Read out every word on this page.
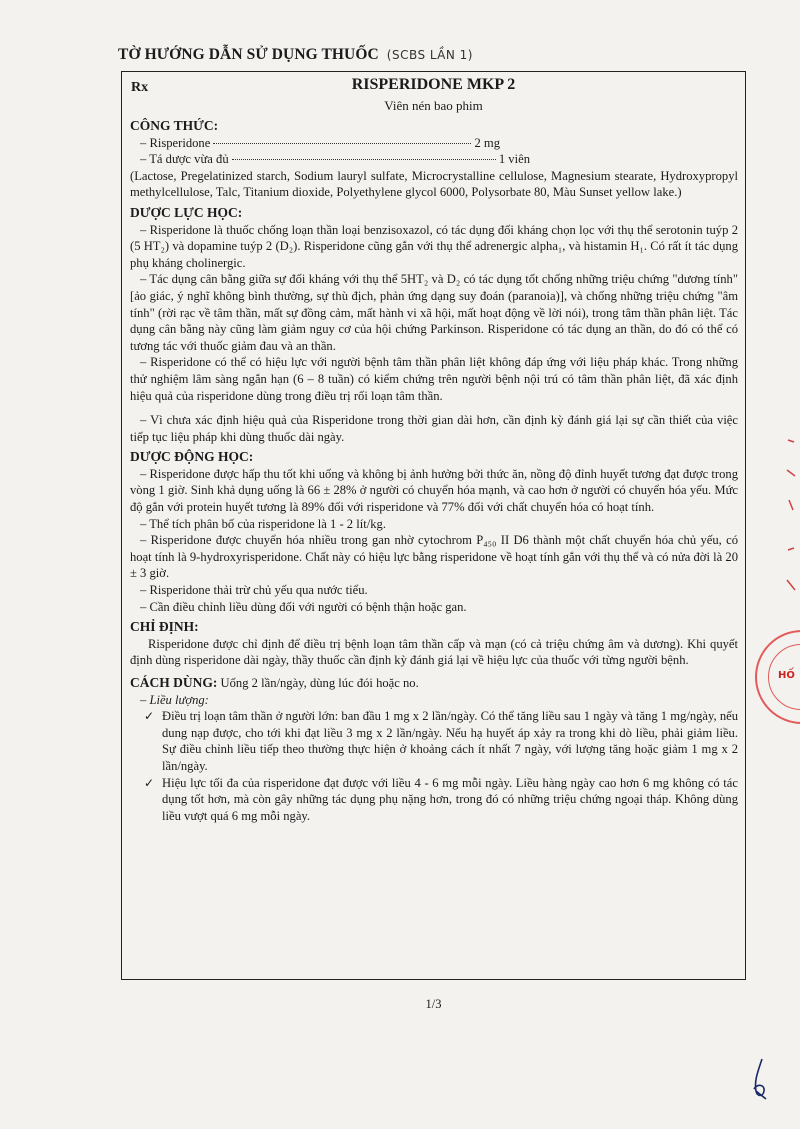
TỜ HƯỚNG DẪN SỬ DỤNG THUỐC (SCBS LẦN 1)
Rx	RISPERIDONE MKP 2
Viên nén bao phim
CÔNG THỨC:
– Risperidone	2 mg
– Tá dược vừa đủ	1 viên

(Lactose, Pregelatinized starch, Sodium lauryl sulfate, Microcrystalline cellulose, Magnesium stearate, Hydroxypropyl methylcellulose, Talc, Titanium dioxide, Polyethylene glycol 6000, Polysorbate 80, Màu Sunset yellow lake.)

DƯỢC LỰC HỌC:

– Risperidone là thuốc chống loạn thần loại benzisoxazol, có tác dụng đối kháng chọn lọc với thụ thể serotonin tuýp 2 (5 HT₂) và dopamine tuýp 2 (D₂). Risperidone cũng gắn với thụ thể adrenergic alpha₁, và histamin H₁. Có rất ít tác dụng phụ kháng cholinergic.

– Tác dụng cân bằng giữa sự đối kháng với thụ thể 5HT₂ và D₂ có tác dụng tốt chống những triệu chứng "dương tính" [ảo giác, ý nghĩ không bình thường, sự thù địch, phản ứng dạng suy đoán (paranoia)], và chống những triệu chứng "âm tính" (rời rạc về tâm thần, mất sự đồng cảm, mất hành vi xã hội, mất hoạt động về lời nói), trong tâm thần phân liệt. Tác dụng cân bằng này cũng làm giảm nguy cơ của hội chứng Parkinson. Risperidone có tác dụng an thần, do đó có thể có tương tác với thuốc giảm đau và an thần.

– Risperidone có thể có hiệu lực với người bệnh tâm thần phân liệt không đáp ứng với liệu pháp khác. Trong những thử nghiệm lâm sàng ngắn hạn (6 – 8 tuần) có kiểm chứng trên người bệnh nội trú có tâm thần phân liệt, đã xác định hiệu quả của risperidone dùng trong điều trị rối loạn tâm thần.

– Vì chưa xác định hiệu quả của Risperidone trong thời gian dài hơn, cần định kỳ đánh giá lại sự cần thiết của việc tiếp tục liệu pháp khi dùng thuốc dài ngày.

DƯỢC ĐỘNG HỌC:

– Risperidone được hấp thu tốt khi uống và không bị ảnh hưởng bởi thức ăn, nồng độ đỉnh huyết tương đạt được trong vòng 1 giờ. Sinh khả dụng uống là 66 ± 28% ở người có chuyển hóa mạnh, và cao hơn ở người có chuyển hóa yếu. Mức độ gắn với protein huyết tương là 89% đối với risperidone và 77% đối với chất chuyển hóa có hoạt tính.

– Thể tích phân bố của risperidone là 1 - 2 lít/kg.

– Risperidone được chuyển hóa nhiều trong gan nhờ cytochrom P₄₅₀ II D6 thành một chất chuyển hóa chủ yếu, có hoạt tính là 9-hydroxyrisperidone. Chất này có hiệu lực bằng risperidone về hoạt tính gắn với thụ thể và có nửa đời là 20 ± 3 giờ.

– Risperidone thải trừ chủ yếu qua nước tiểu.

– Cần điều chỉnh liều dùng đối với người có bệnh thận hoặc gan.

CHỈ ĐỊNH:

Risperidone được chỉ định để điều trị bệnh loạn tâm thần cấp và mạn (có cả triệu chứng âm và dương). Khi quyết định dùng risperidone dài ngày, thầy thuốc cần định kỳ đánh giá lại về hiệu lực của thuốc với từng người bệnh.

CÁCH DÙNG: Uống 2 lần/ngày, dùng lúc đói hoặc no.
– Liều lượng:
✓ Điều trị loạn tâm thần ở người lớn: ban đầu 1 mg x 2 lần/ngày. Có thể tăng liều sau 1 ngày và tăng 1 mg/ngày, nếu dung nạp được, cho tới khi đạt liều 3 mg x 2 lần/ngày. Nếu hạ huyết áp xảy ra trong khi dò liều, phải giảm liều. Sự điều chỉnh liều tiếp theo thường thực hiện ở khoảng cách ít nhất 7 ngày, với lượng tăng hoặc giảm 1 mg x 2 lần/ngày.
✓ Hiệu lực tối đa của risperidone đạt được với liều 4 - 6 mg mỗi ngày. Liều hàng ngày cao hơn 6 mg không có tác dụng tốt hơn, mà còn gây những tác dụng phụ nặng hơn, trong đó có những triệu chứng ngoại tháp. Không dùng liều vượt quá 6 mg mỗi ngày.
1/3
HỐ
